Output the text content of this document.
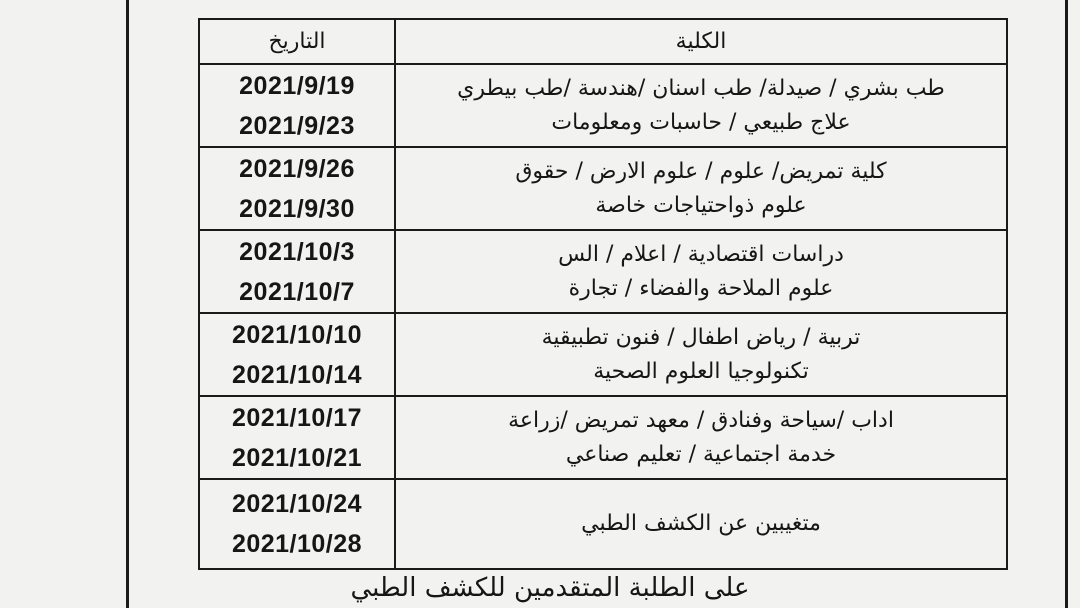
الكلية	التاريخ

طب بشري / صيدلة/ طب اسنان /هندسة /طب بيطري
علاج طبيعي / حاسبات ومعلومات	2021/9/19
2021/9/23

كلية تمريض/ علوم / علوم الارض / حقوق
علوم ذواحتياجات خاصة	2021/9/26
2021/9/30

دراسات اقتصادية / اعلام / الس
علوم الملاحة والفضاء / تجارة	2021/10/3
2021/10/7

تربية / رياض اطفال / فنون تطبيقية
تكنولوجيا العلوم الصحية	2021/10/10
2021/10/14

اداب /سياحة وفنادق / معهد تمريض /زراعة
خدمة اجتماعية / تعليم صناعي	2021/10/17
2021/10/21

متغيبين عن الكشف الطبي	2021/10/24
2021/10/28
على الطلبة المتقدمين للكشف الطبي
